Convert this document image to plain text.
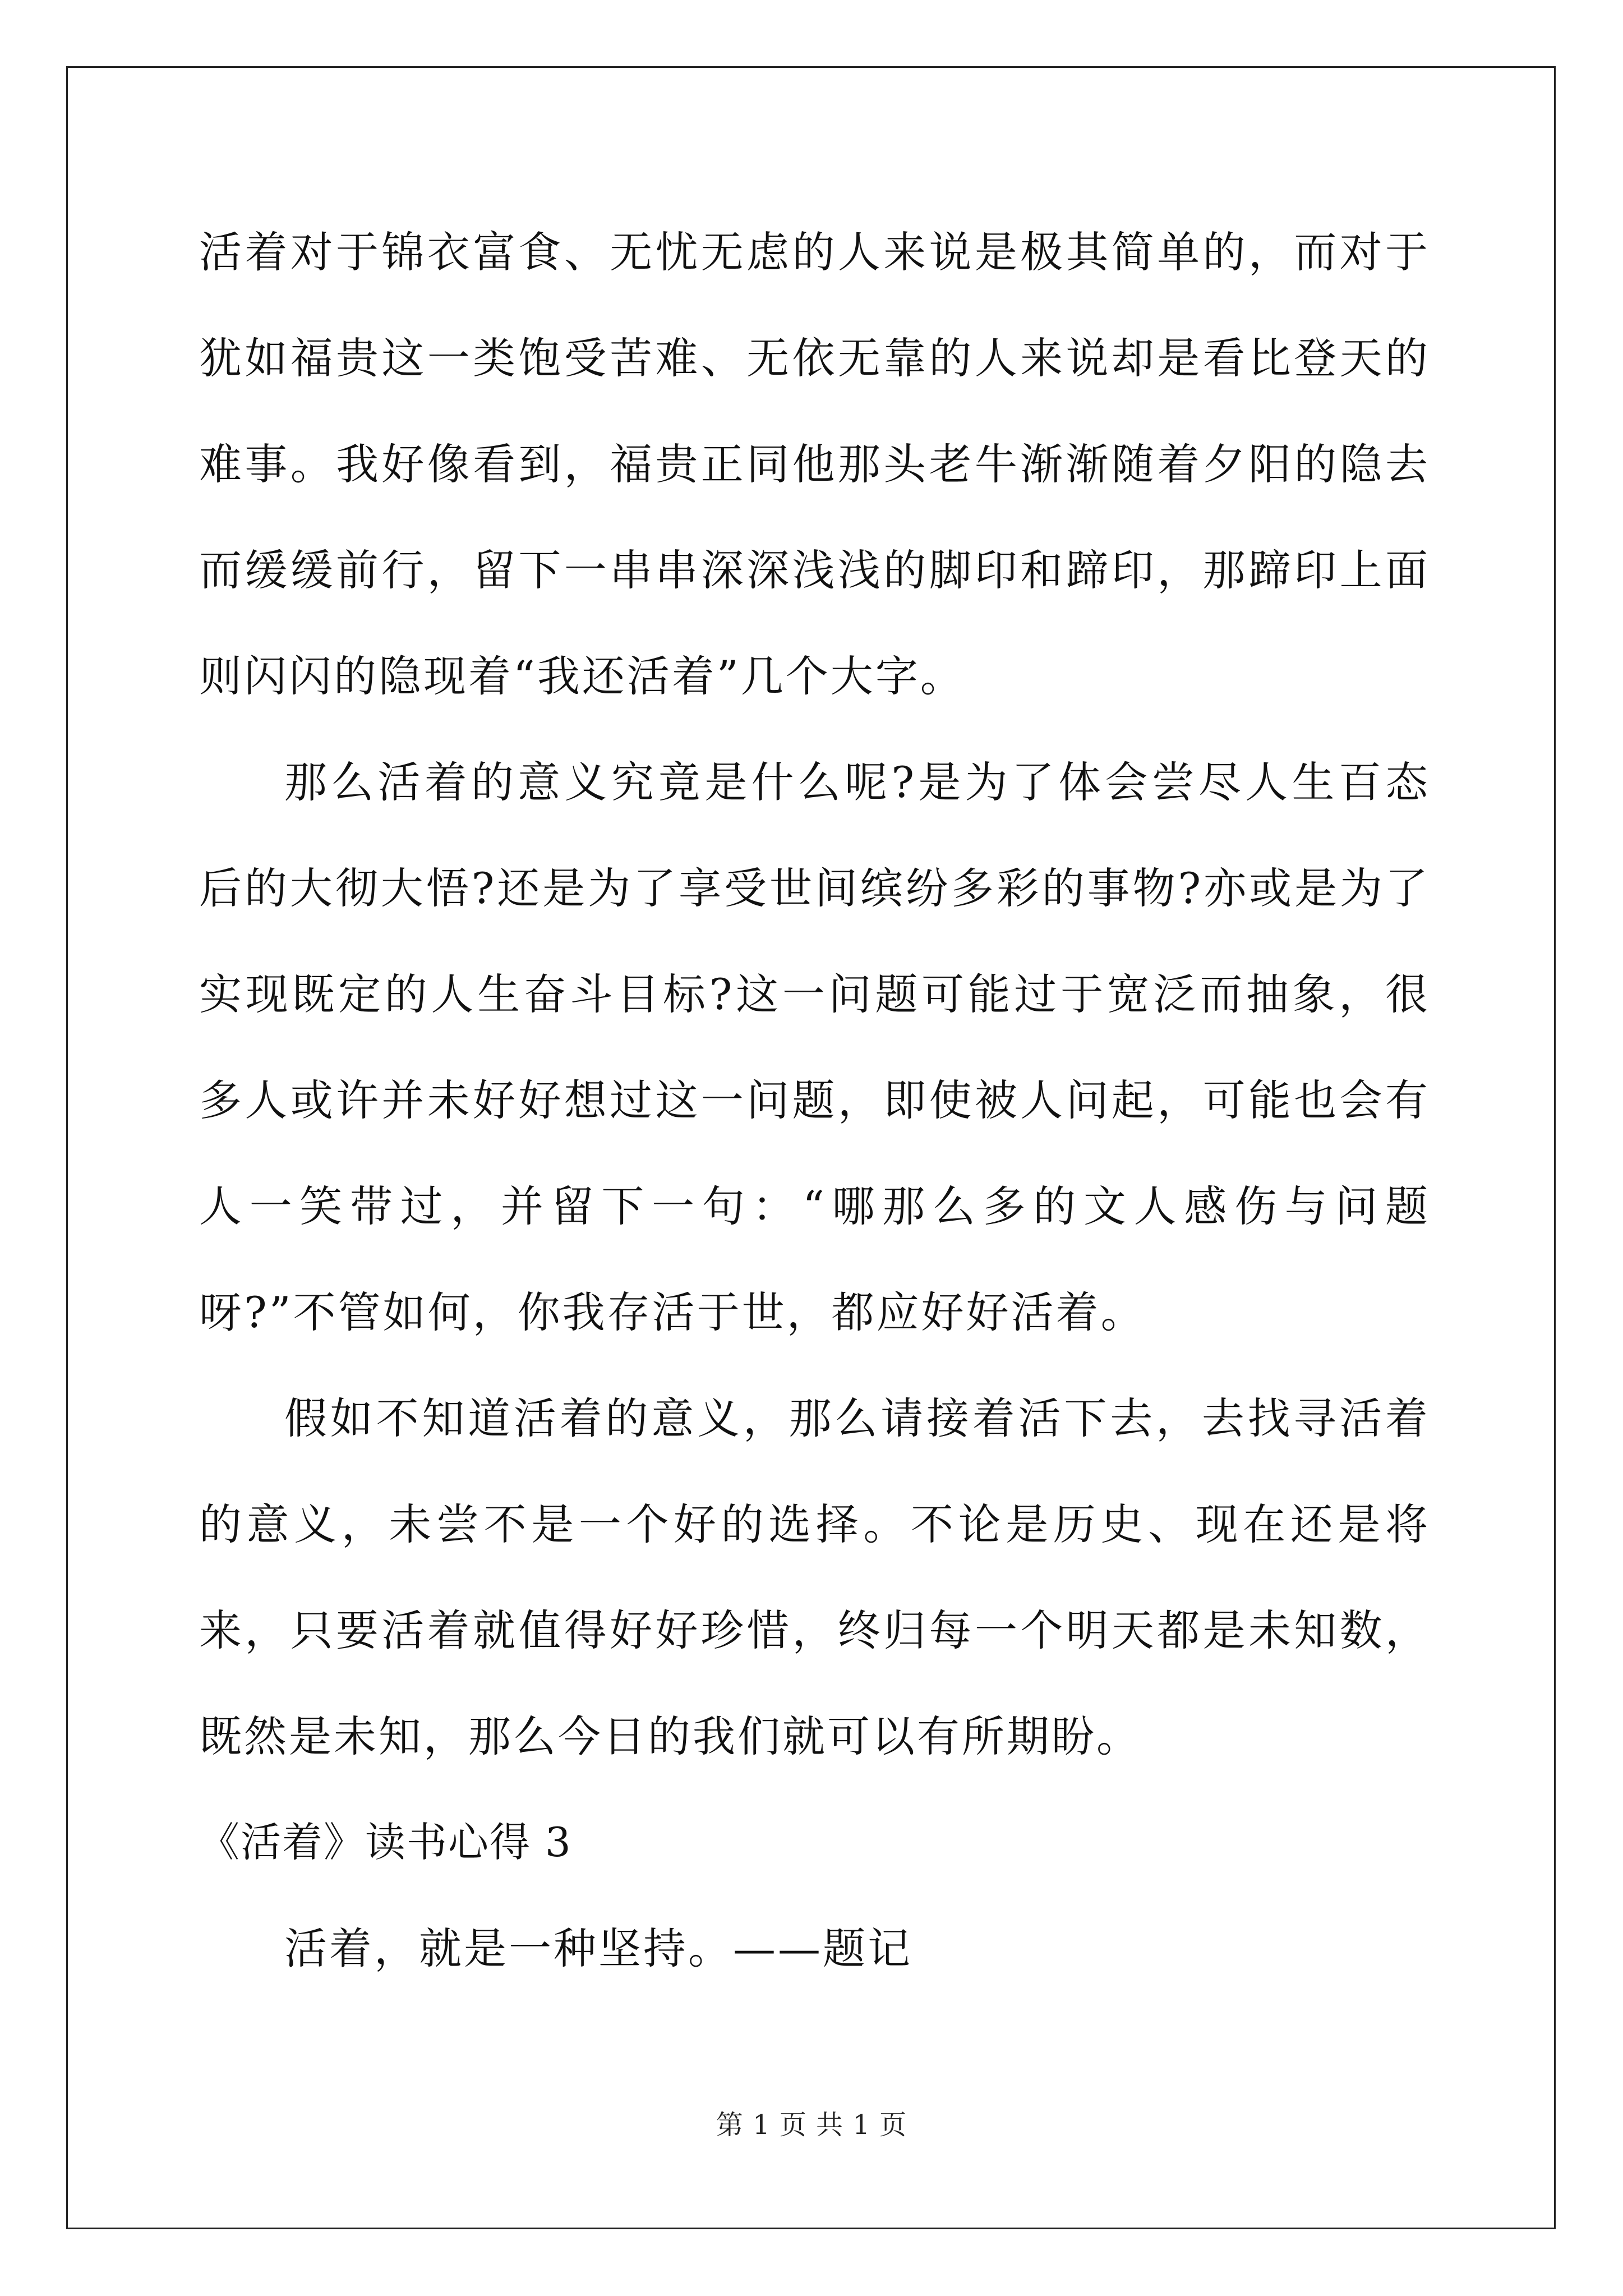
活着对于锦衣富食、无忧无虑的人来说是极其简单的，而对于犹如福贵这一类饱受苦难、无依无靠的人来说却是看比登天的难事。我好像看到，福贵正同他那头老牛渐渐随着夕阳的隐去而缓缓前行，留下一串串深深浅浅的脚印和蹄印，那蹄印上面则闪闪的隐现着“我还活着”几个大字。

那么活着的意义究竟是什么呢?是为了体会尝尽人生百态后的大彻大悟?还是为了享受世间缤纷多彩的事物?亦或是为了实现既定的人生奋斗目标?这一问题可能过于宽泛而抽象，很多人或许并未好好想过这一问题，即使被人问起，可能也会有人一笑带过，并留下一句：“哪那么多的文人感伤与问题呀?”不管如何，你我存活于世，都应好好活着。

假如不知道活着的意义，那么请接着活下去，去找寻活着的意义，未尝不是一个好的选择。不论是历史、现在还是将来，只要活着就值得好好珍惜，终归每一个明天都是未知数，既然是未知，那么今日的我们就可以有所期盼。

《活着》读书心得 3

活着，就是一种坚持。——题记

第 1 页 共 1 页
